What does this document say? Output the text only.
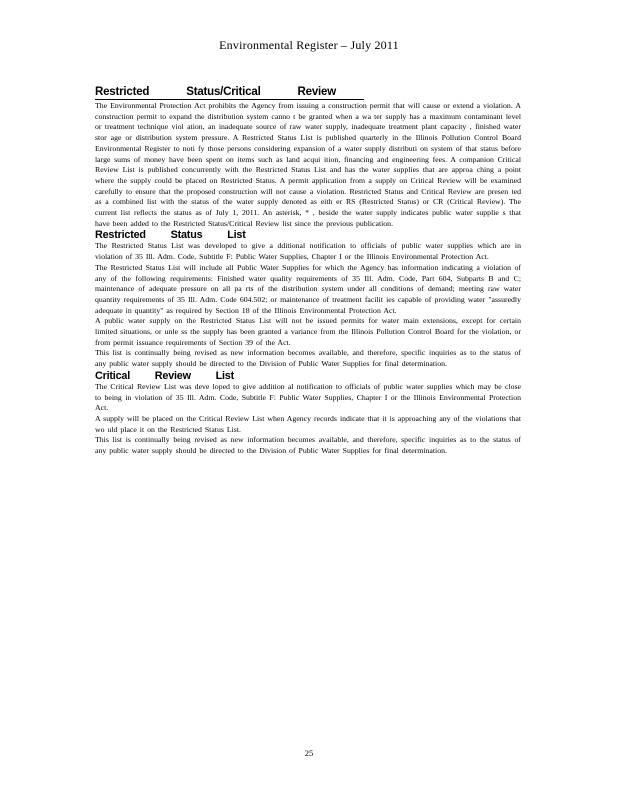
Environmental Register – July 2011
Restricted Status/Critical Review

The Environmental Protection Act prohibits the Agency from issuing a construction permit that will cause or extend a violation. A construction permit to expand the distribution system canno t be granted when a wa ter supply has a maximum contaminant level or treatment technique viol ation, an inadequate source of raw water supply, inadequate treatment plant capacity , finished water stor age or distribution system pressure. A Restricted Status List is published quarterly in the Illinois Pollution Control Board Environmental Register to noti fy those persons considering expansion of a water supply distributi on system of that status before large sums of money have been spent on items such as land acqui ition, financing and engineering fees. A companion Critical Review List is published concurrently with the Restricted Status List and has the water supplies that are approa ching a point where the supply could be placed on Restricted Status. A permit application from a supply on Critical Review will be examined carefully to ensure that the proposed construction will not cause a violation. Restricted Status and Critical Review are presen ted as a combined list with the status of the water supply denoted as eith er RS (Restricted Status) or CR (Critical Review). The current list reflects the status as of July 1, 2011. An asterisk, * , beside the water supply indicates public water supplie s that have been added to the Restricted Status/Critical Review list since the previous publication.

Restricted Status List

The Restricted Status List was developed to give a dditional notification to officials of public water supplies which are in violation of 35 Ill. Adm. Code, Subtitle F: Public Water Supplies, Chapter I or the Illinois Environmental Protection Act.

The Restricted Status List will include all Public Water Supplies for which the Agency has information indicating a violation of any of the following requirements: Finished water quality requirements of 35 Ill. Adm. Code, Part 604, Subparts B and C; maintenance of adequate pressure on all pa rts of the distribution system under all conditions of demand; meeting raw water quantity requirements of 35 Ill. Adm. Code 604.502; or maintenance of treatment facilit ies capable of providing water "assuredly adequate in quantity" as required by Section 18 of the Illinois Environmental Protection Act.

A public water supply on the Restricted Status List will not be issued permits for water main extensions, except for certain limited situations, or unle ss the supply has been granted a variance from the Illinois Pollution Control Board for the violation, or from permit issuance requirements of Section 39 of the Act.

This list is continually being revised as new information becomes available, and therefore, specific inquiries as to the status of any public water supply should be directed to the Division of Public Water Supplies for final determination.

Critical Review List

The Critical Review List was deve loped to give addition al notification to officials of public water supplies which may be close to being in violation of 35 Ill. Adm. Code, Subtitle F: Public Water Supplies, Chapter I or the Illinois Environmental Protection Act.

A supply will be placed on the Critical Review List when Agency records indicate that it is approaching any of the violations that wo uld place it on the Restricted Status List.

This list is continually being revised as new information becomes available, and therefore, specific inquiries as to the status of any public water supply should be directed to the Division of Public Water Supplies for final determination.

25
